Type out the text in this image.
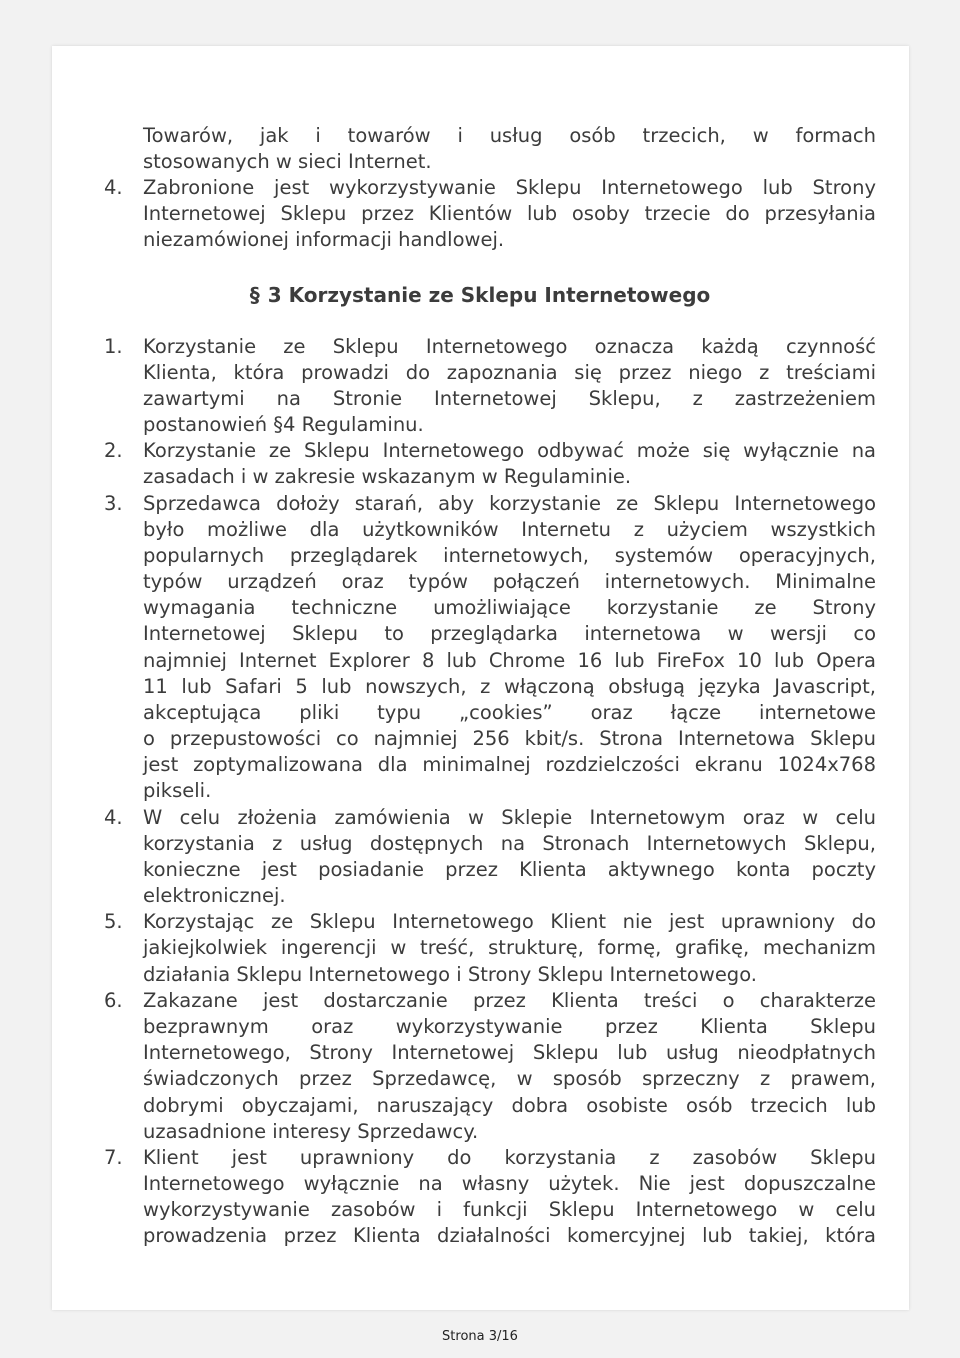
Towarów, jak i towarów i usług osób trzecich, w formach
stosowanych w sieci Internet.
4. Zabronione jest wykorzystywanie Sklepu Internetowego lub Strony
Internetowej Sklepu przez Klientów lub osoby trzecie do przesyłania
niezamówionej informacji handlowej.
§ 3 Korzystanie ze Sklepu Internetowego
1. Korzystanie ze Sklepu Internetowego oznacza każdą czynność
Klienta, która prowadzi do zapoznania się przez niego z treściami
zawartymi na Stronie Internetowej Sklepu, z zastrzeżeniem
postanowień §4 Regulaminu.
2. Korzystanie ze Sklepu Internetowego odbywać może się wyłącznie na
zasadach i w zakresie wskazanym w Regulaminie.
3. Sprzedawca dołoży starań, aby korzystanie ze Sklepu Internetowego
było możliwe dla użytkowników Internetu z użyciem wszystkich
popularnych przeglądarek internetowych, systemów operacyjnych,
typów urządzeń oraz typów połączeń internetowych. Minimalne
wymagania techniczne umożliwiające korzystanie ze Strony
Internetowej Sklepu to przeglądarka internetowa w wersji co
najmniej Internet Explorer 8 lub Chrome 16 lub FireFox 10 lub Opera
11 lub Safari 5 lub nowszych, z włączoną obsługą języka Javascript,
akceptująca pliki typu „cookies” oraz łącze internetowe
o przepustowości co najmniej 256 kbit/s. Strona Internetowa Sklepu
jest zoptymalizowana dla minimalnej rozdzielczości ekranu 1024x768
pikseli.
4. W celu złożenia zamówienia w Sklepie Internetowym oraz w celu
korzystania z usług dostępnych na Stronach Internetowych Sklepu,
konieczne jest posiadanie przez Klienta aktywnego konta poczty
elektronicznej.
5. Korzystając ze Sklepu Internetowego Klient nie jest uprawniony do
jakiejkolwiek ingerencji w treść, strukturę, formę, grafikę, mechanizm
działania Sklepu Internetowego i Strony Sklepu Internetowego.
6. Zakazane jest dostarczanie przez Klienta treści o charakterze
bezprawnym oraz wykorzystywanie przez Klienta Sklepu
Internetowego, Strony Internetowej Sklepu lub usług nieodpłatnych
świadczonych przez Sprzedawcę, w sposób sprzeczny z prawem,
dobrymi obyczajami, naruszający dobra osobiste osób trzecich lub
uzasadnione interesy Sprzedawcy.
7. Klient jest uprawniony do korzystania z zasobów Sklepu
Internetowego wyłącznie na własny użytek. Nie jest dopuszczalne
wykorzystywanie zasobów i funkcji Sklepu Internetowego w celu
prowadzenia przez Klienta działalności komercyjnej lub takiej, która
Strona 3/16
